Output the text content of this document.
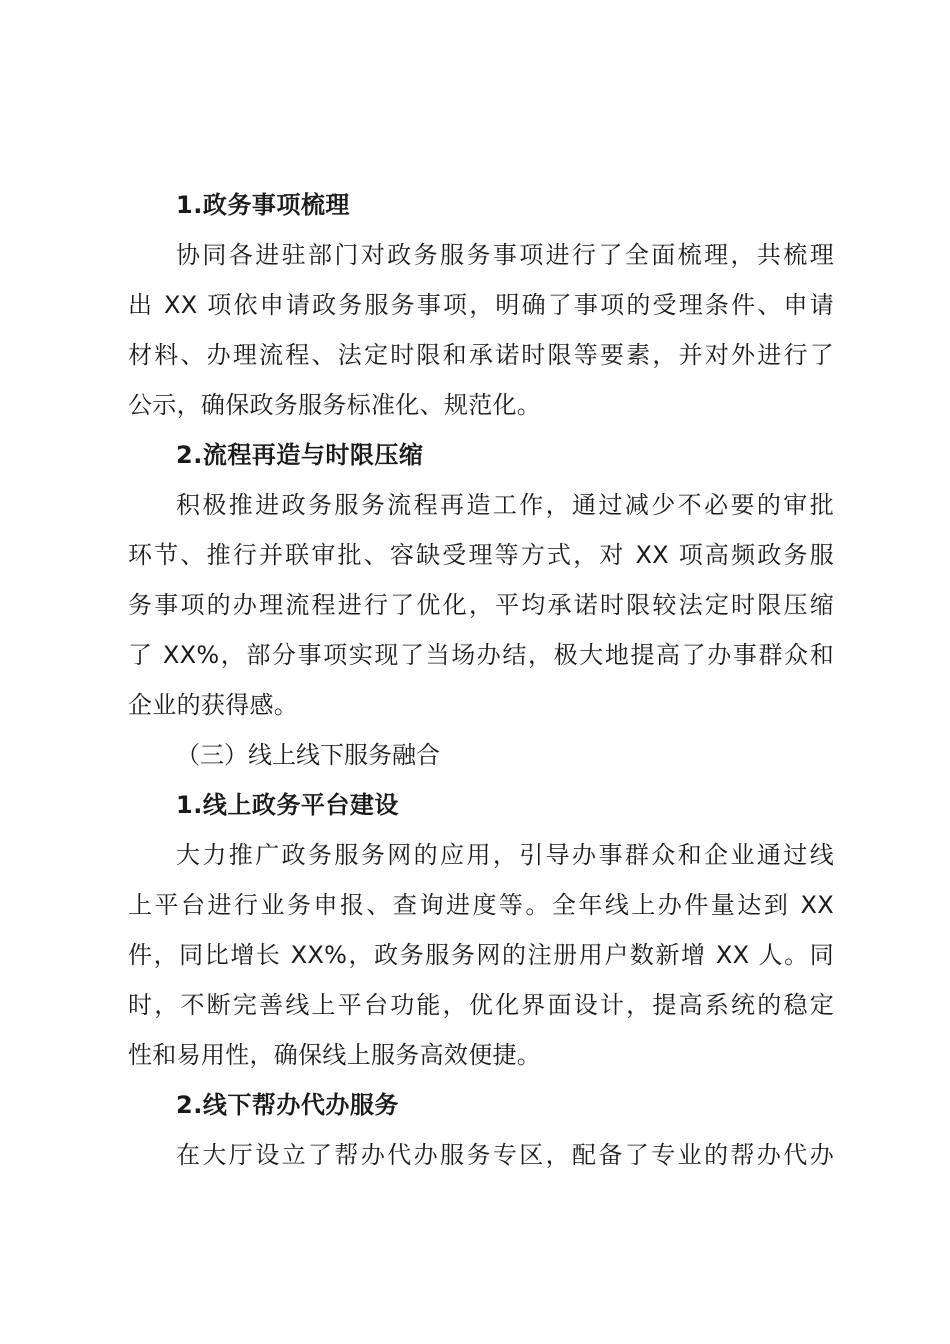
1.政务事项梳理
协同各进驻部门对政务服务事项进行了全面梳理，共梳理
出 XX 项依申请政务服务事项，明确了事项的受理条件、申请
材料、办理流程、法定时限和承诺时限等要素，并对外进行了
公示，确保政务服务标准化、规范化。
2.流程再造与时限压缩
积极推进政务服务流程再造工作，通过减少不必要的审批
环节、推行并联审批、容缺受理等方式，对 XX 项高频政务服
务事项的办理流程进行了优化，平均承诺时限较法定时限压缩
了 XX%，部分事项实现了当场办结，极大地提高了办事群众和
企业的获得感。
（三）线上线下服务融合
1.线上政务平台建设
大力推广政务服务网的应用，引导办事群众和企业通过线
上平台进行业务申报、查询进度等。全年线上办件量达到 XX
件，同比增长 XX%，政务服务网的注册用户数新增 XX 人。同
时，不断完善线上平台功能，优化界面设计，提高系统的稳定
性和易用性，确保线上服务高效便捷。
2.线下帮办代办服务
在大厅设立了帮办代办服务专区，配备了专业的帮办代办
